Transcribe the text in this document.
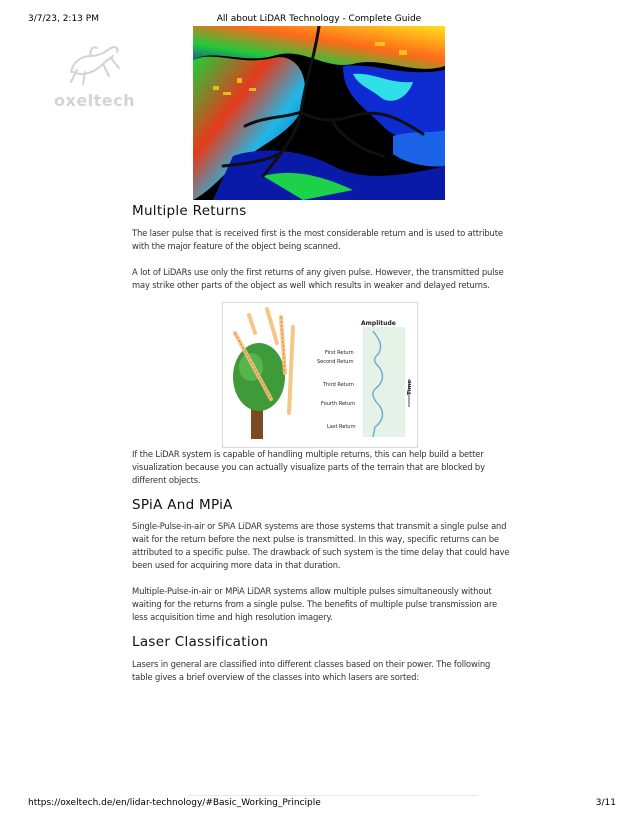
3/7/23, 2:13 PM	All about LiDAR Technology - Complete Guide
oxeltech
Multiple Returns

The laser pulse that is received first is the most considerable return and is used to attribute with the major feature of the object being scanned.

A lot of LiDARs use only the first returns of any given pulse. However, the transmitted pulse may strike other parts of the object as well which results in weaker and delayed returns.

Amplitude
Time
First Return
Second Return
Third Return
Fourth Return
Last Return

If the LiDAR system is capable of handling multiple returns, this can help build a better visualization because you can actually visualize parts of the terrain that are blocked by different objects.

SPiA And MPiA

Single-Pulse-in-air or SPiA LiDAR systems are those systems that transmit a single pulse and wait for the return before the next pulse is transmitted. In this way, specific returns can be attributed to a specific pulse. The drawback of such system is the time delay that could have been used for acquiring more data in that duration.

Multiple-Pulse-in-air or MPiA LiDAR systems allow multiple pulses simultaneously without waiting for the returns from a single pulse. The benefits of multiple pulse transmission are less acquisition time and high resolution imagery.

Laser Classification

Lasers in general are classified into different classes based on their power. The following table gives a brief overview of the classes into which lasers are sorted:

https://oxeltech.de/en/lidar-technology/#Basic_Working_Principle	3/11
